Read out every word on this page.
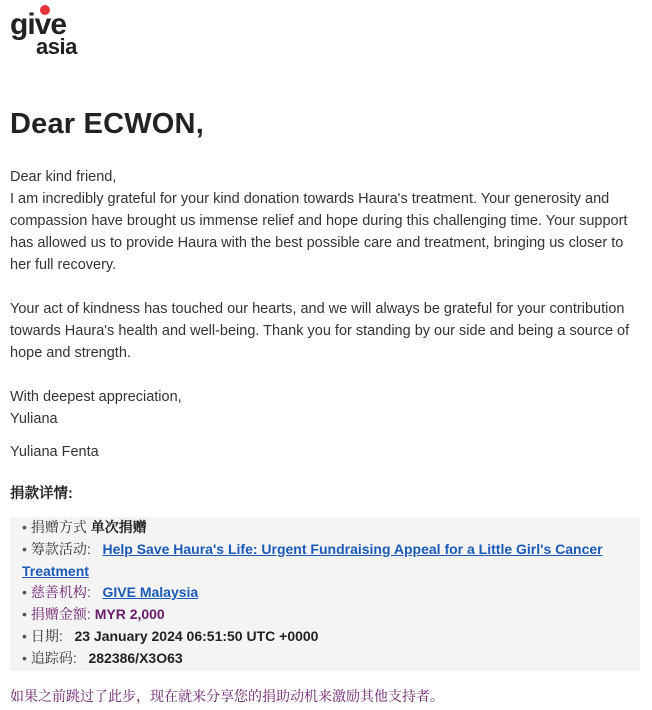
give
asia
Dear ECWON,

Dear kind friend,

I am incredibly grateful for your kind donation towards Haura's treatment. Your generosity and compassion have brought us immense relief and hope during this challenging time. Your support has allowed us to provide Haura with the best possible care and treatment, bringing us closer to her full recovery.

Your act of kindness has touched our hearts, and we will always be grateful for your contribution towards Haura's health and well-being. Thank you for standing by our side and being a source of hope and strength.

With deepest appreciation,

Yuliana

Yuliana Fenta

捐款详情:
• 捐赠方式 单次捐赠
• 筹款活动: Help Save Haura's Life: Urgent Fundraising Appeal for a Little Girl's Cancer Treatment
• 慈善机构: GIVE Malaysia
• 捐赠金额: MYR 2,000
• 日期: 23 January 2024 06:51:50 UTC +0000
• 追踪码: 282386/X3O63
如果之前跳过了此步，现在就来分享您的捐助动机来激励其他支持者。
